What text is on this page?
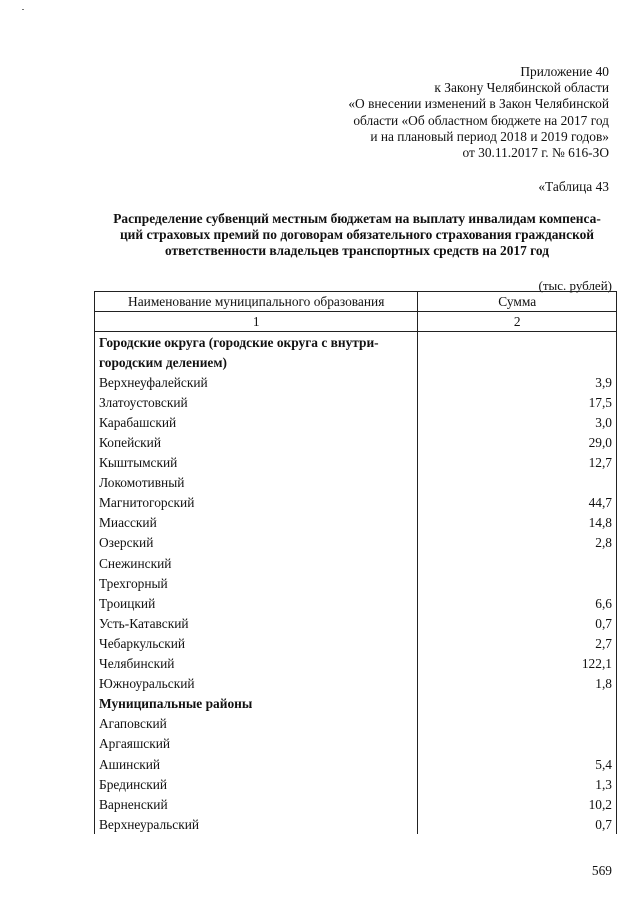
Приложение 40
к Закону Челябинской области
«О внесении изменений в Закон Челябинской
области «Об областном бюджете на 2017 год
и на плановый период 2018 и 2019 годов»
от 30.11.2017 г. № 616-ЗО
«Таблица 43
Распределение субвенций местным бюджетам на выплату инвалидам компенса-
ций страховых премий по договорам обязательного страхования гражданской
ответственности владельцев транспортных средств на 2017 год
(тыс. рублей)
Наименование муниципального образования	Сумма
1	2
Городские округа (городские округа с внутри-	
городским делением)	
Верхнеуфалейский	3,9
Златоустовский	17,5
Карабашский	3,0
Копейский	29,0
Кыштымский	12,7
Локомотивный	
Магнитогорский	44,7
Миасский	14,8
Озерский	2,8
Снежинский	
Трехгорный	
Троицкий	6,6
Усть-Катавский	0,7
Чебаркульский	2,7
Челябинский	122,1
Южноуральский	1,8
Муниципальные районы	
Агаповский	
Аргаяшский	
Ашинский	5,4
Брединский	1,3
Варненский	10,2
Верхнеуральский	0,7
569
